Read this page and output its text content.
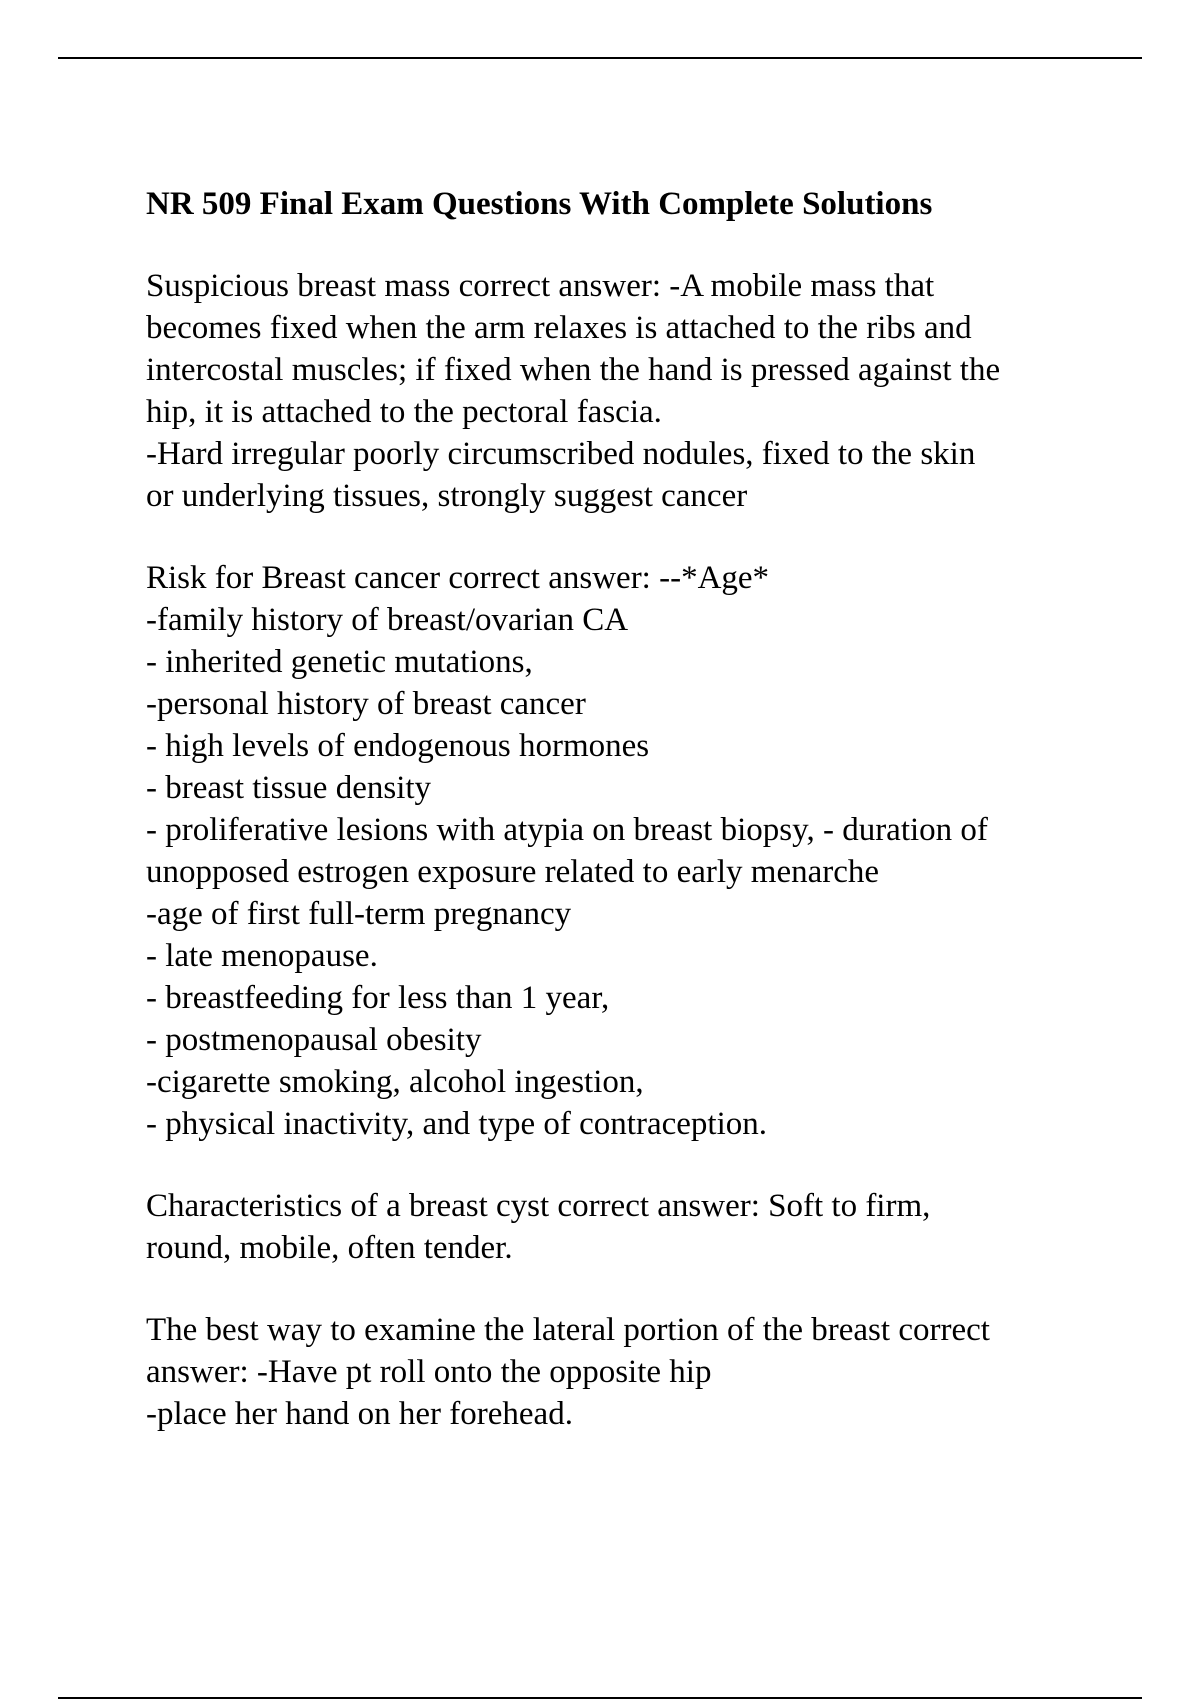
NR 509 Final Exam Questions With Complete Solutions
Suspicious breast mass correct answer: -A mobile mass that
becomes fixed when the arm relaxes is attached to the ribs and
intercostal muscles; if fixed when the hand is pressed against the
hip, it is attached to the pectoral fascia.
-Hard irregular poorly circumscribed nodules, fixed to the skin
or underlying tissues, strongly suggest cancer
Risk for Breast cancer correct answer: --*Age*
-family history of breast/ovarian CA
- inherited genetic mutations,
-personal history of breast cancer
- high levels of endogenous hormones
- breast tissue density
- proliferative lesions with atypia on breast biopsy, - duration of
unopposed estrogen exposure related to early menarche
-age of first full-term pregnancy
- late menopause.
- breastfeeding for less than 1 year,
- postmenopausal obesity
-cigarette smoking, alcohol ingestion,
- physical inactivity, and type of contraception.
Characteristics of a breast cyst correct answer: Soft to firm,
round, mobile, often tender.
The best way to examine the lateral portion of the breast correct
answer: -Have pt roll onto the opposite hip
-place her hand on her forehead.
